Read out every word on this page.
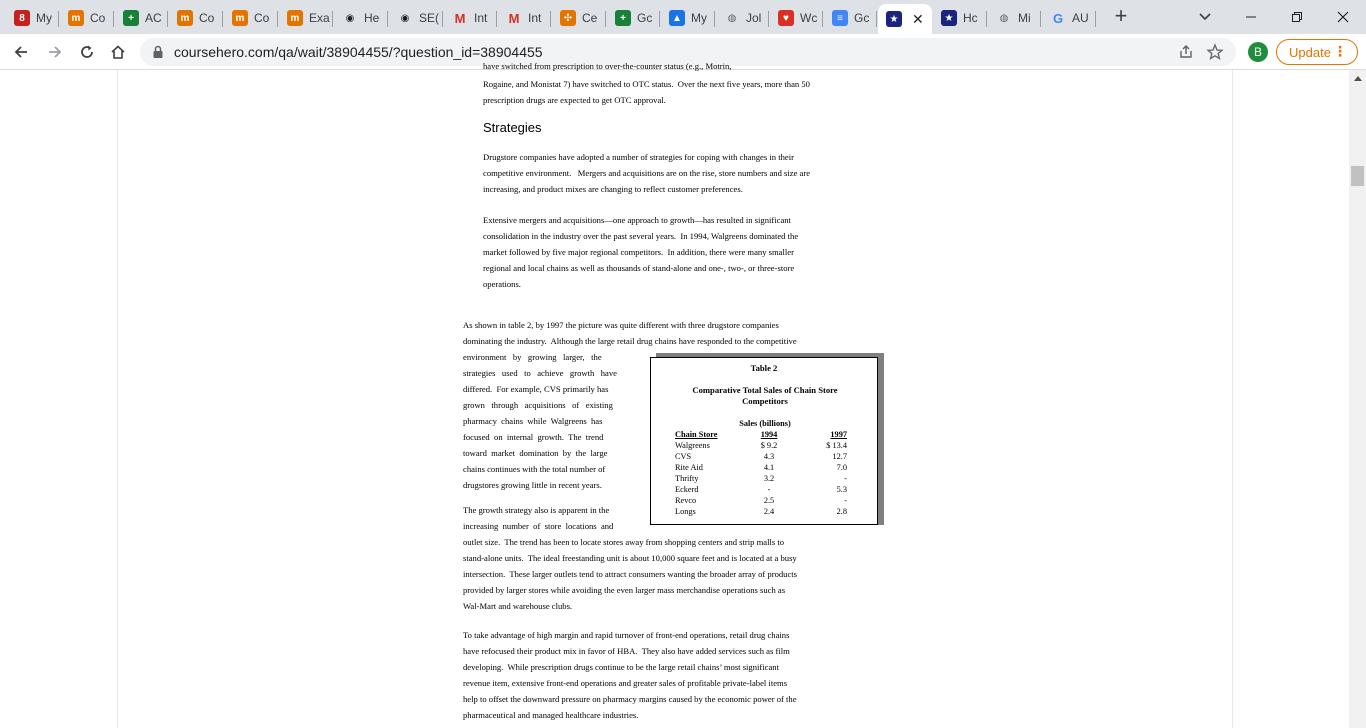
8 My	m Co	+ AC	m Co	m Co	m Exa	◉ He	◉ SE( M Int M Int	✣ Ce	+ Gc	▲ My	◍ Jol	♥ Wc	≡ Gc	★ ✕	★ Hc	◍ Mi G AU +
coursehero.com/qa/wait/38904455/?question_id=38904455	B	Update ⋮
have switched from prescription to over-the-counter status (e.g., Motrin,
Rogaine, and Monistat 7) have switched to OTC status.  Over the next five years, more than 50
prescription drugs are expected to get OTC approval.
Strategies
Drugstore companies have adopted a number of strategies for coping with changes in their
competitive environment.   Mergers and acquisitions are on the rise, store numbers and size are
increasing, and product mixes are changing to reflect customer preferences.
Extensive mergers and acquisitions—one approach to growth—has resulted in significant
consolidation in the industry over the past several years.  In 1994, Walgreens dominated the
market followed by five major regional competitors.  In addition, there were many smaller
regional and local chains as well as thousands of stand-alone and one-, two-, or three-store
operations.
As shown in table 2, by 1997 the picture was quite different with three drugstore companies
dominating the industry.  Although the large retail drug chains have responded to the competitive
environment   by   growing   larger,   the
strategies   used   to   achieve   growth   have
differed.  For example, CVS primarily has
grown   through   acquisitions   of   existing
pharmacy  chains  while  Walgreens  has
focused  on  internal  growth.  The  trend
toward  market  domination  by  the  large
chains continues with the total number of
drugstores growing little in recent years.
The growth strategy also is apparent in the
increasing  number  of  store  locations  and
outlet size.  The trend has been to locate stores away from shopping centers and strip malls to
stand-alone units.  The ideal freestanding unit is about 10,000 square feet and is located at a busy
intersection.  These larger outlets tend to attract consumers wanting the broader array of products
provided by larger stores while avoiding the even larger mass merchandise operations such as
Wal-Mart and warehouse clubs.
To take advantage of high margin and rapid turnover of front-end operations, retail drug chains
have refocused their product mix in favor of HBA.  They also have added services such as film
developing.  While prescription drugs continue to be the large retail chains’ most significant
revenue item, extensive front-end operations and greater sales of profitable private-label items
help to offset the downward pressure on pharmacy margins caused by the economic power of the
pharmaceutical and managed healthcare industries.
Table 2
Comparative Total Sales of Chain Store Competitors
Sales (billions)
Chain Store	1994	1997
Walgreens	$ 9.2	$ 13.4
CVS	4.3	12.7
Rite Aid	4.1	7.0
Thrifty	3.2	-
Eckerd	-	5.3
Revco	2.5	-
Longs	2.4	2.8
